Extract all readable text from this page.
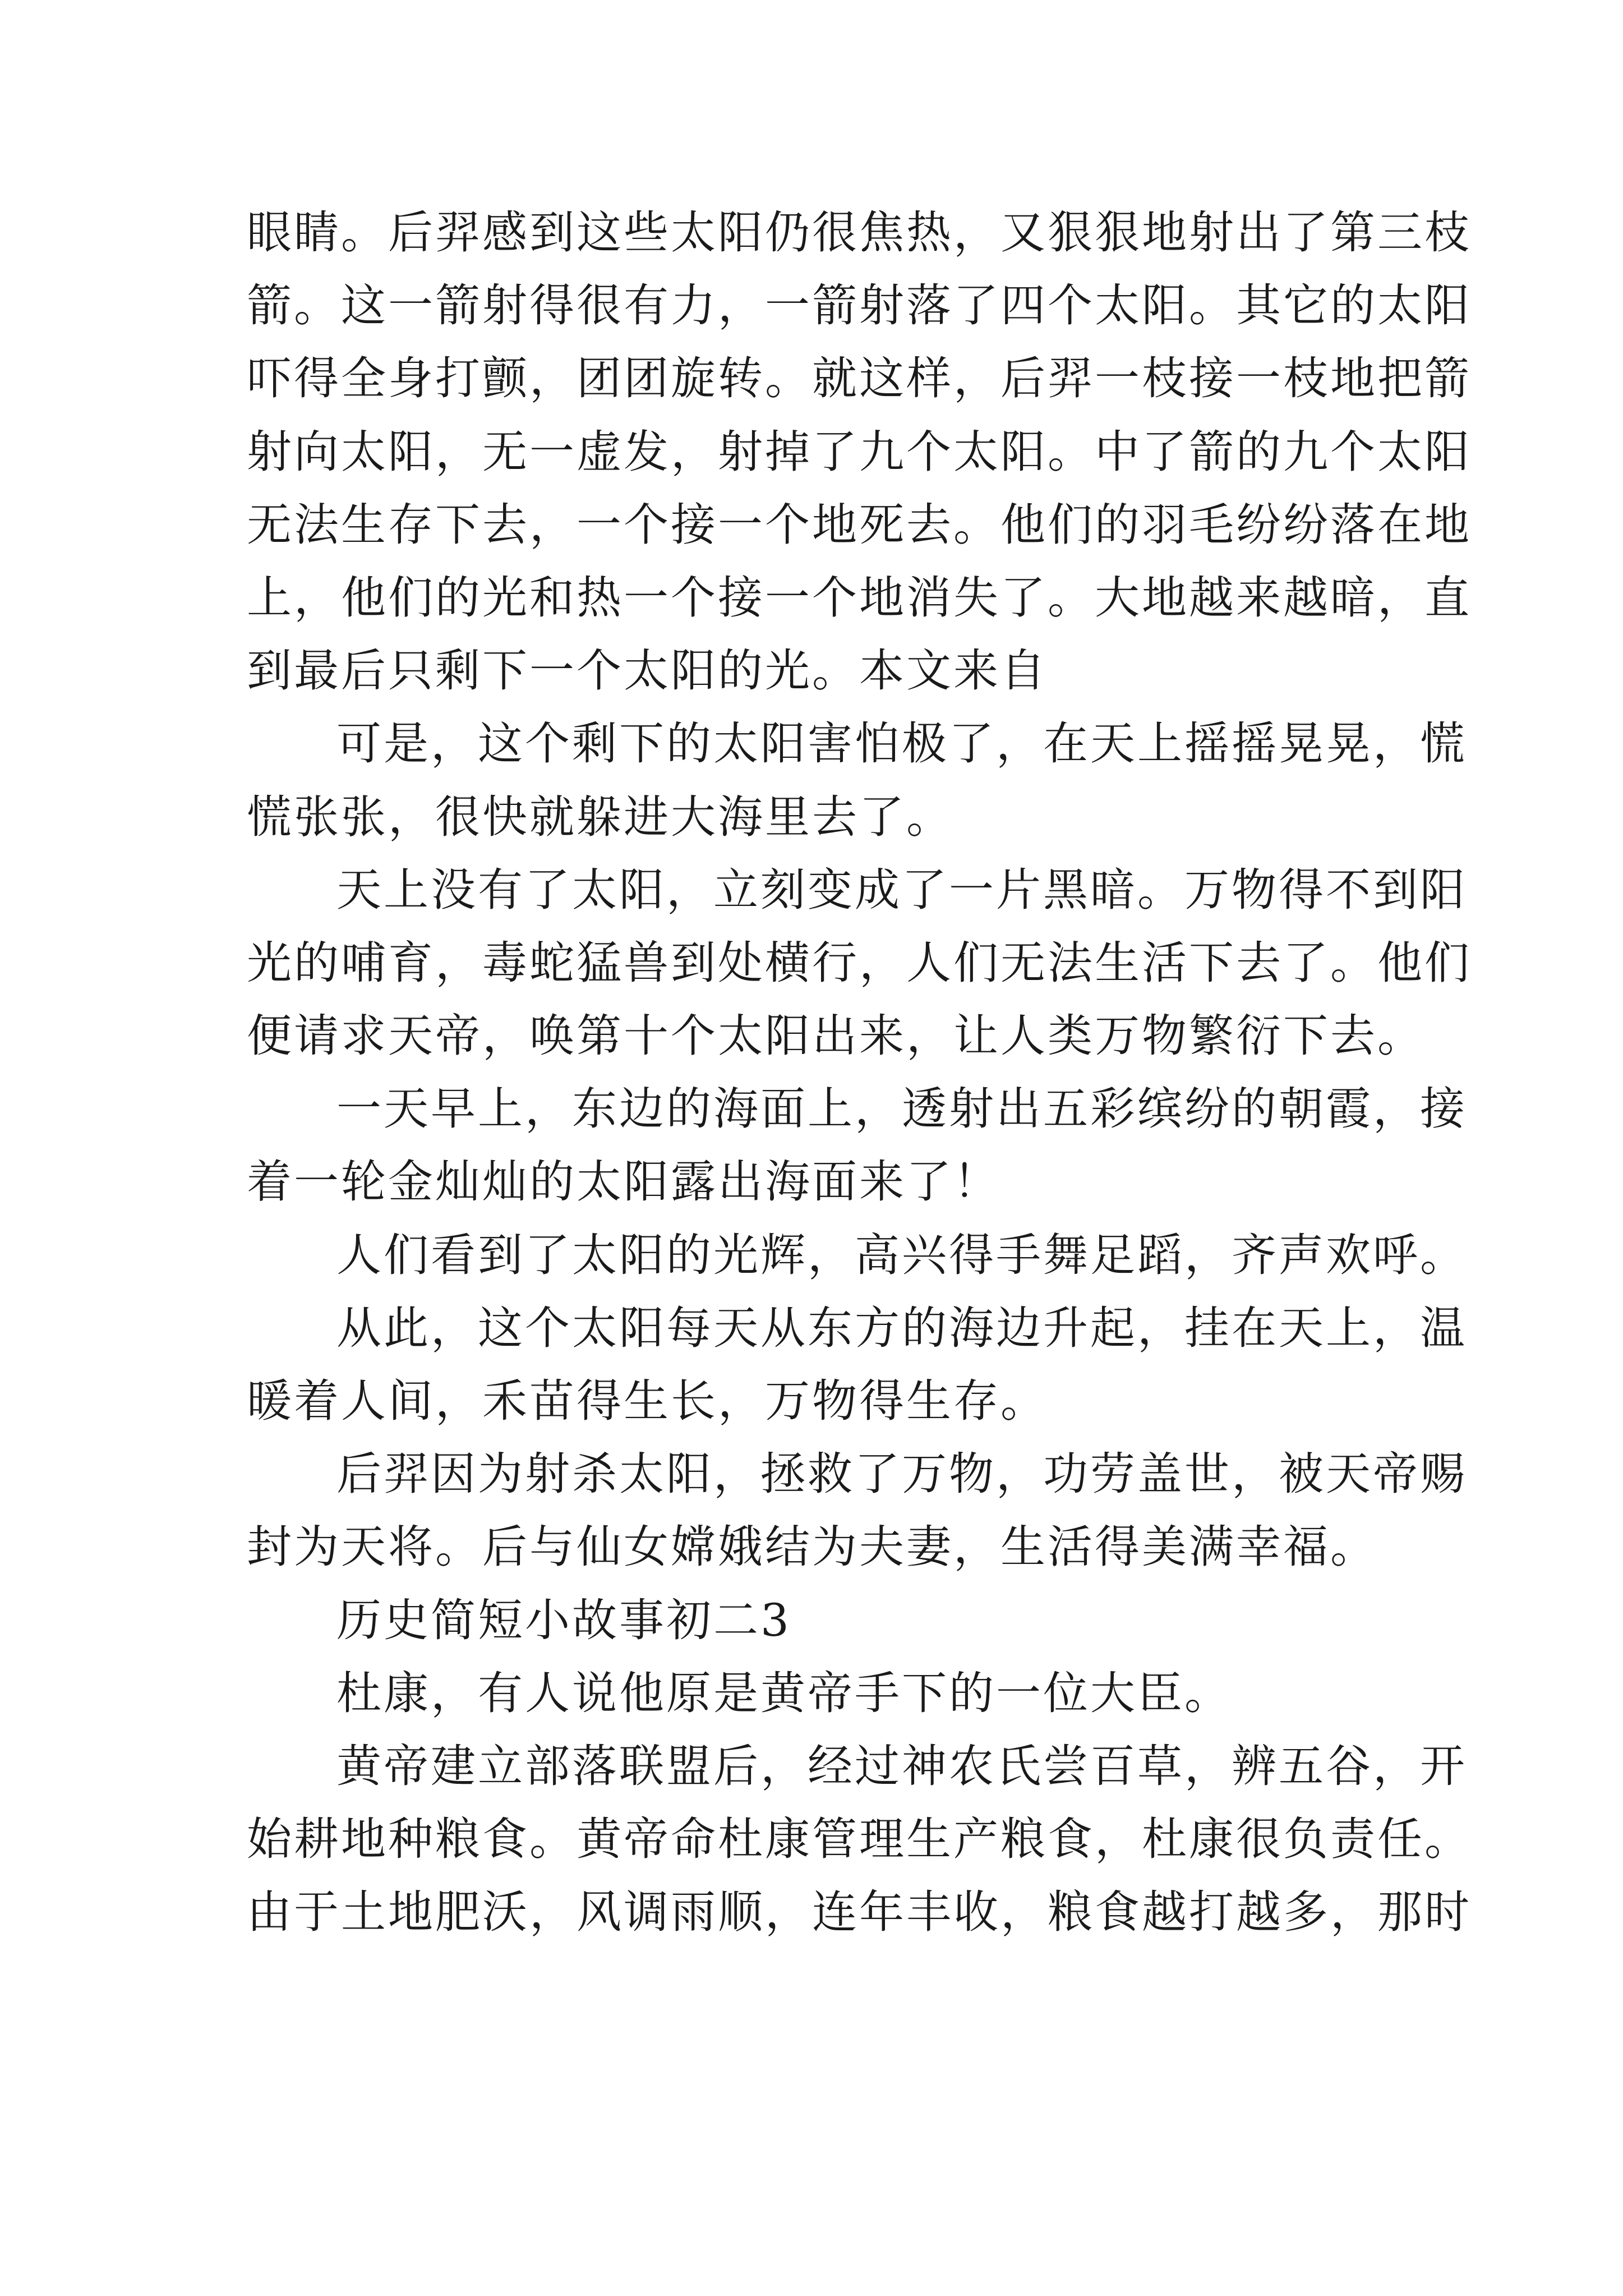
眼睛。后羿感到这些太阳仍很焦热，又狠狠地射出了第三枝
箭。这一箭射得很有力，一箭射落了四个太阳。其它的太阳
吓得全身打颤，团团旋转。就这样，后羿一枝接一枝地把箭
射向太阳，无一虚发，射掉了九个太阳。中了箭的九个太阳
无法生存下去，一个接一个地死去。他们的羽毛纷纷落在地
上，他们的光和热一个接一个地消失了。大地越来越暗，直
到最后只剩下一个太阳的光。本文来自
可是，这个剩下的太阳害怕极了，在天上摇摇晃晃，慌
慌张张，很快就躲进大海里去了。
天上没有了太阳，立刻变成了一片黑暗。万物得不到阳
光的哺育，毒蛇猛兽到处横行，人们无法生活下去了。他们
便请求天帝，唤第十个太阳出来，让人类万物繁衍下去。
一天早上，东边的海面上，透射出五彩缤纷的朝霞，接
着一轮金灿灿的太阳露出海面来了！
人们看到了太阳的光辉，高兴得手舞足蹈，齐声欢呼。
从此，这个太阳每天从东方的海边升起，挂在天上，温
暖着人间，禾苗得生长，万物得生存。
后羿因为射杀太阳，拯救了万物，功劳盖世，被天帝赐
封为天将。后与仙女嫦娥结为夫妻，生活得美满幸福。
历史简短小故事初二3
杜康，有人说他原是黄帝手下的一位大臣。
黄帝建立部落联盟后，经过神农氏尝百草，辨五谷，开
始耕地种粮食。黄帝命杜康管理生产粮食，杜康很负责任。
由于土地肥沃，风调雨顺，连年丰收，粮食越打越多，那时
